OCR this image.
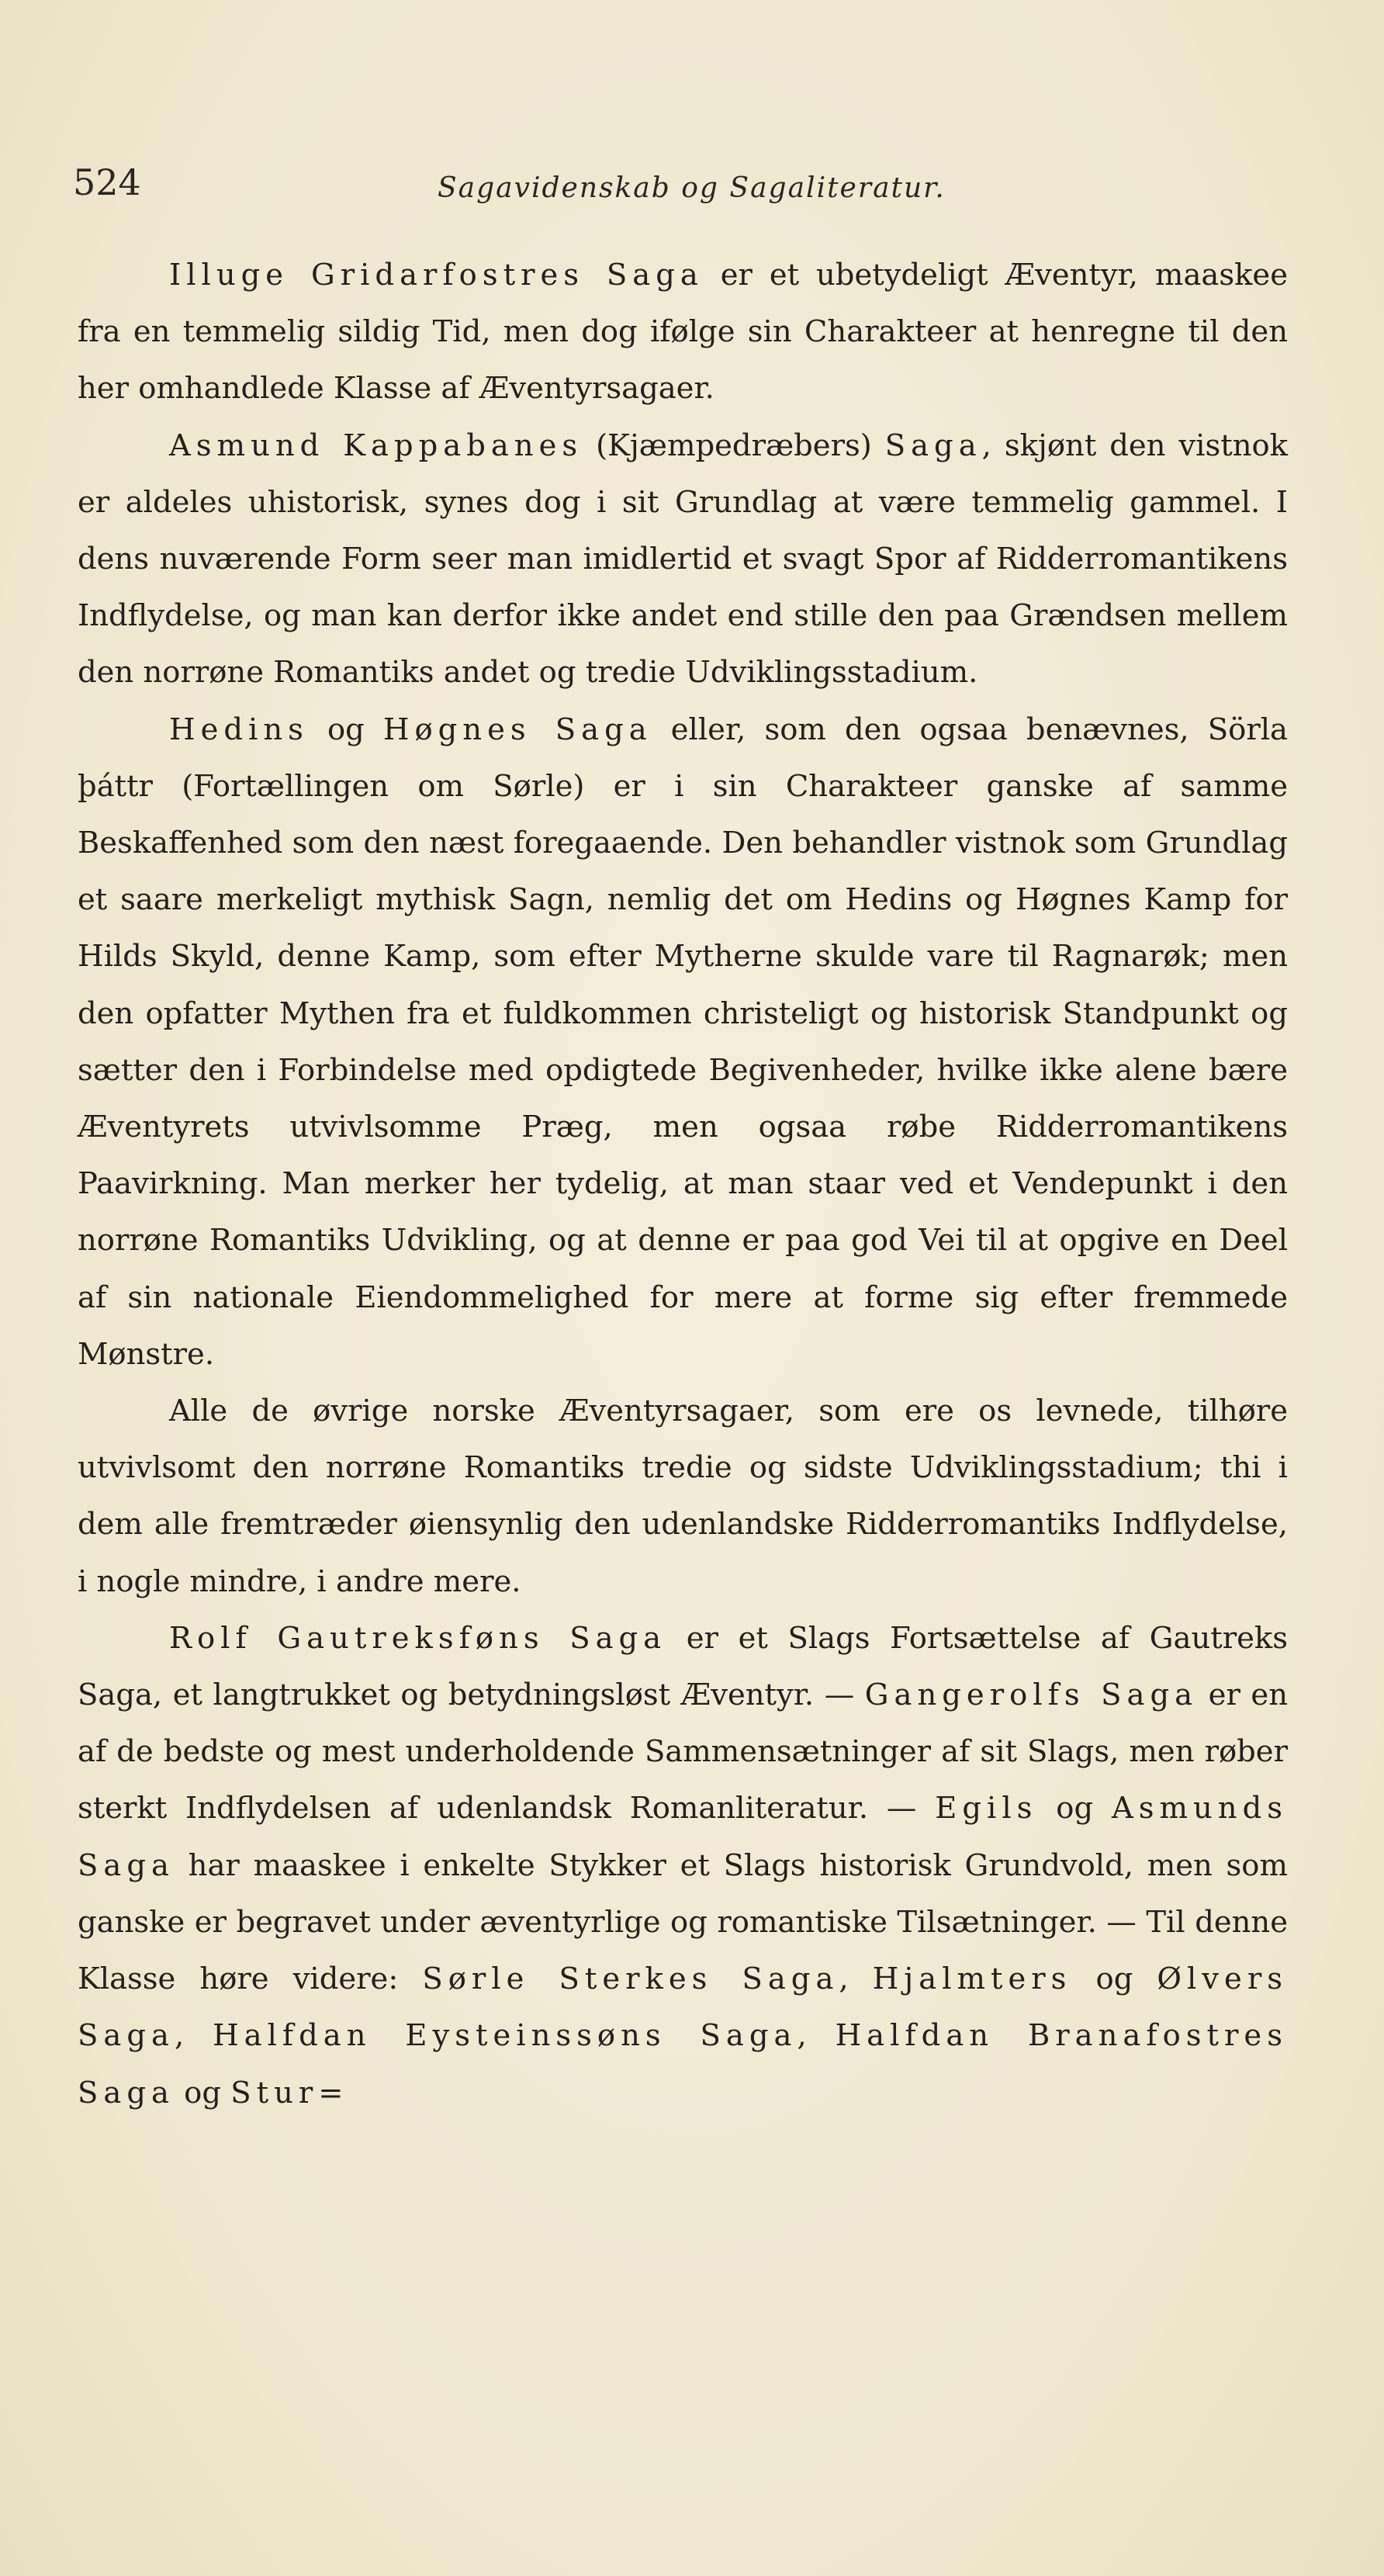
524	Sagavidenskab og Sagaliteratur.

Illuge Gridarfostres Saga er et ubetydeligt Æventyr, maaskee fra en temmelig sildig Tid, men dog ifølge sin Charakteer at henregne til den her omhandlede Klasse af Æventyrsagaer.

Asmund Kappabanes (Kjæmpedræbers) Saga, skjønt den vistnok er aldeles uhistorisk, synes dog i sit Grundlag at være temmelig gammel. I dens nuværende Form seer man imidlertid et svagt Spor af Ridderromantikens Indflydelse, og man kan derfor ikke andet end stille den paa Grændsen mellem den norrøne Romantiks andet og tredie Udviklingsstadium.

Hedins og Høgnes Saga eller, som den ogsaa benævnes, Sörla þáttr (Fortællingen om Sørle) er i sin Charakteer ganske af samme Beskaffenhed som den næst foregaaende. Den behandler vistnok som Grundlag et saare merkeligt mythisk Sagn, nemlig det om Hedins og Høgnes Kamp for Hilds Skyld, denne Kamp, som efter Mytherne skulde vare til Ragnarøk; men den opfatter Mythen fra et fuldkommen christeligt og historisk Standpunkt og sætter den i Forbindelse med opdigtede Begivenheder, hvilke ikke alene bære Æventyrets utvivlsomme Præg, men ogsaa røbe Ridderromantikens Paavirkning. Man merker her tydelig, at man staar ved et Vendepunkt i den norrøne Romantiks Udvikling, og at denne er paa god Vei til at opgive en Deel af sin nationale Eiendommelighed for mere at forme sig efter fremmede Mønstre.

Alle de øvrige norske Æventyrsagaer, som ere os levnede, tilhøre utvivlsomt den norrøne Romantiks tredie og sidste Udviklingsstadium; thi i dem alle fremtræder øiensynlig den udenlandske Ridderromantiks Indflydelse, i nogle mindre, i andre mere.

Rolf Gautreksføns Saga er et Slags Fortsættelse af Gautreks Saga, et langtrukket og betydningsløst Æventyr. — Gangerolfs Saga er en af de bedste og mest underholdende Sammensætninger af sit Slags, men røber sterkt Indflydelsen af udenlandsk Romanliteratur. — Egils og Asmunds Saga har maaskee i enkelte Stykker et Slags historisk Grundvold, men som ganske er begravet under æventyrlige og romantiske Tilsætninger. — Til denne Klasse høre videre: Sørle Sterkes Saga, Hjalmters og Ølvers Saga, Halfdan Eysteinssøns Saga, Halfdan Branafostres Saga og Stur=
